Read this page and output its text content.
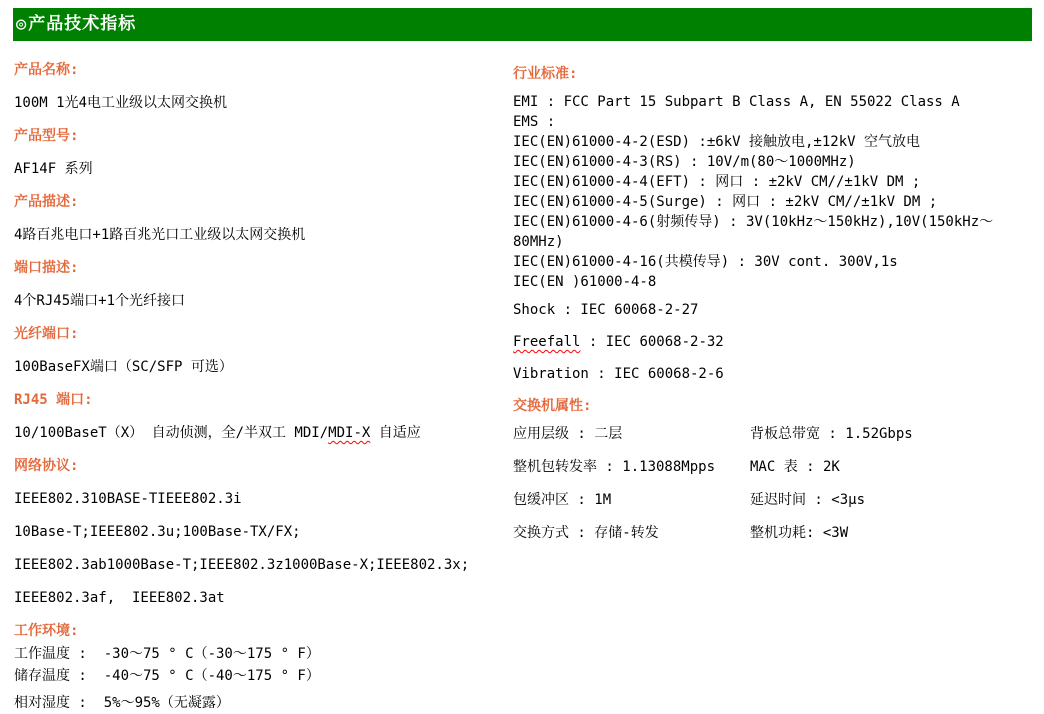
◎产品技术指标

产品名称:

100M 1光4电工业级以太网交换机

产品型号:

AF14F 系列

产品描述:

4路百兆电口+1路百兆光口工业级以太网交换机

端口描述:

4个RJ45端口+1个光纤接口

光纤端口:

100BaseFX端口（SC/SFP 可选）

RJ45 端口:

10/100BaseT（X） 自动侦测，全/半双工 MDI/MDI-X 自适应

网络协议:

IEEE802.310BASE-TIEEE802.3i

10Base-T;IEEE802.3u;100Base-TX/FX;

IEEE802.3ab1000Base-T;IEEE802.3z1000Base-X;IEEE802.3x;

IEEE802.3af,  IEEE802.3at

工作环境:

工作温度 :  -30～75 ° C（-30～175 ° F）

储存温度 :  -40～75 ° C（-40～175 ° F）

相对湿度 :  5%～95%（无凝露）

行业标准:

EMI : FCC Part 15 Subpart B Class A, EN 55022 Class A

EMS :

IEC(EN)61000-4-2(ESD) :±6kV 接触放电,±12kV 空气放电

IEC(EN)61000-4-3(RS) : 10V/m(80～1000MHz)

IEC(EN)61000-4-4(EFT) : 网口 : ±2kV CM//±1kV DM ;

IEC(EN)61000-4-5(Surge) : 网口 : ±2kV CM//±1kV DM ;

IEC(EN)61000-4-6(射频传导) : 3V(10kHz～150kHz),10V(150kHz～80MHz)

IEC(EN)61000-4-16(共模传导) : 30V cont. 300V,1s

IEC(EN )61000-4-8

Shock : IEC 60068-2-27

Freefall : IEC 60068-2-32

Vibration : IEC 60068-2-6

交换机属性:

应用层级 : 二层	背板总带宽 : 1.52Gbps

整机包转发率 : 1.13088Mpps	MAC 表 : 2K

包缓冲区 : 1M	延迟时间 : <3μs

交换方式 : 存储-转发	整机功耗: <3W
